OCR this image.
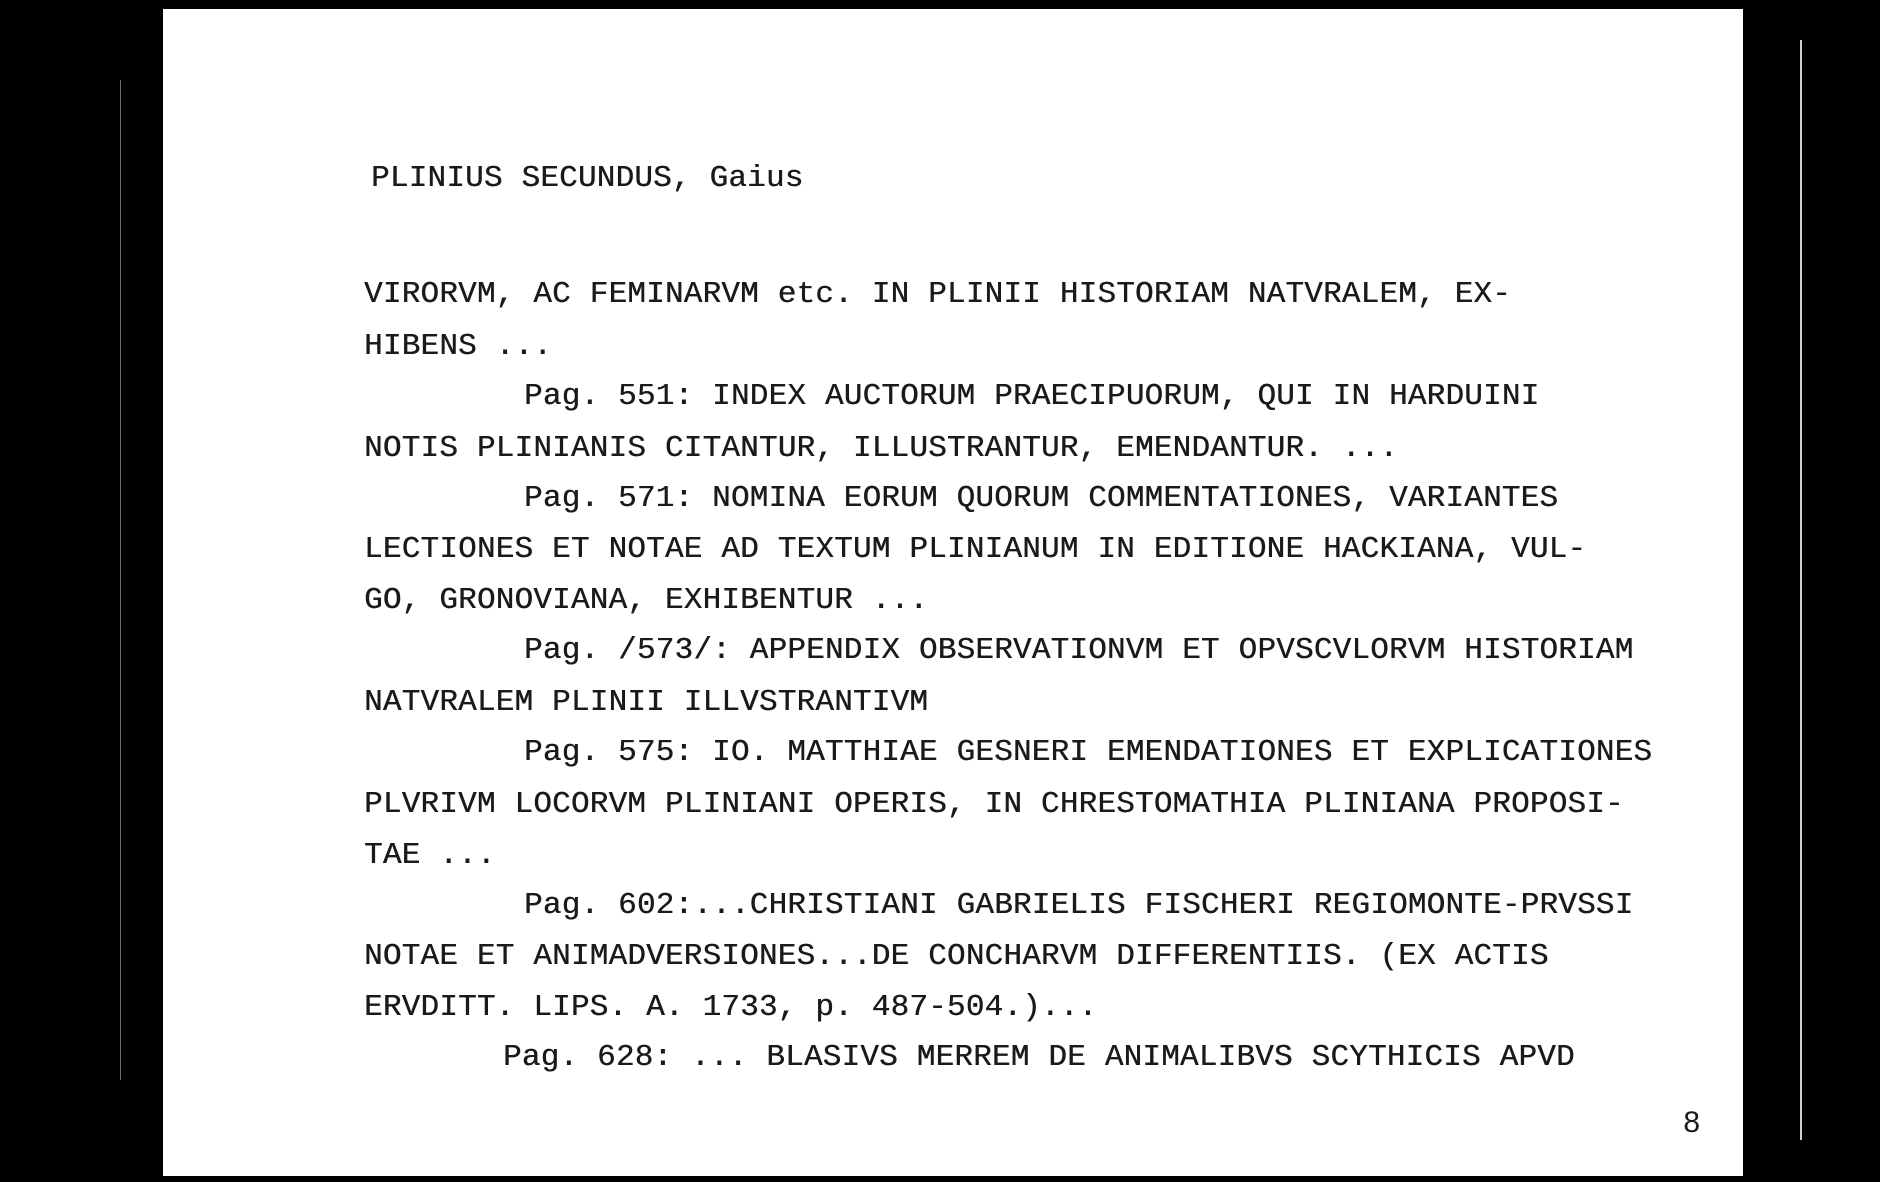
PLINIUS SECUNDUS, Gaius
VIRORVM, AC FEMINARVM etc. IN PLINII HISTORIAM NATVRALEM, EX-
HIBENS ...
Pag. 551: INDEX AUCTORUM PRAECIPUORUM, QUI IN HARDUINI
NOTIS PLINIANIS CITANTUR, ILLUSTRANTUR, EMENDANTUR. ...
Pag. 571: NOMINA EORUM QUORUM COMMENTATIONES, VARIANTES
LECTIONES ET NOTAE AD TEXTUM PLINIANUM IN EDITIONE HACKIANA, VUL-
GO, GRONOVIANA, EXHIBENTUR ...
Pag. /573/: APPENDIX OBSERVATIONVM ET OPVSCVLORVM HISTORIAM
NATVRALEM PLINII ILLVSTRANTIVM
Pag. 575: IO. MATTHIAE GESNERI EMENDATIONES ET EXPLICATIONES
PLVRIVM LOCORVM PLINIANI OPERIS, IN CHRESTOMATHIA PLINIANA PROPOSI-
TAE ...
Pag. 602:...CHRISTIANI GABRIELIS FISCHERI REGIOMONTE-PRVSSI
NOTAE ET ANIMADVERSIONES...DE CONCHARVM DIFFERENTIIS. (EX ACTIS
ERVDITT. LIPS. A. 1733, p. 487-504.)...
Pag. 628: ... BLASIVS MERREM DE ANIMALIBVS SCYTHICIS APVD
8
